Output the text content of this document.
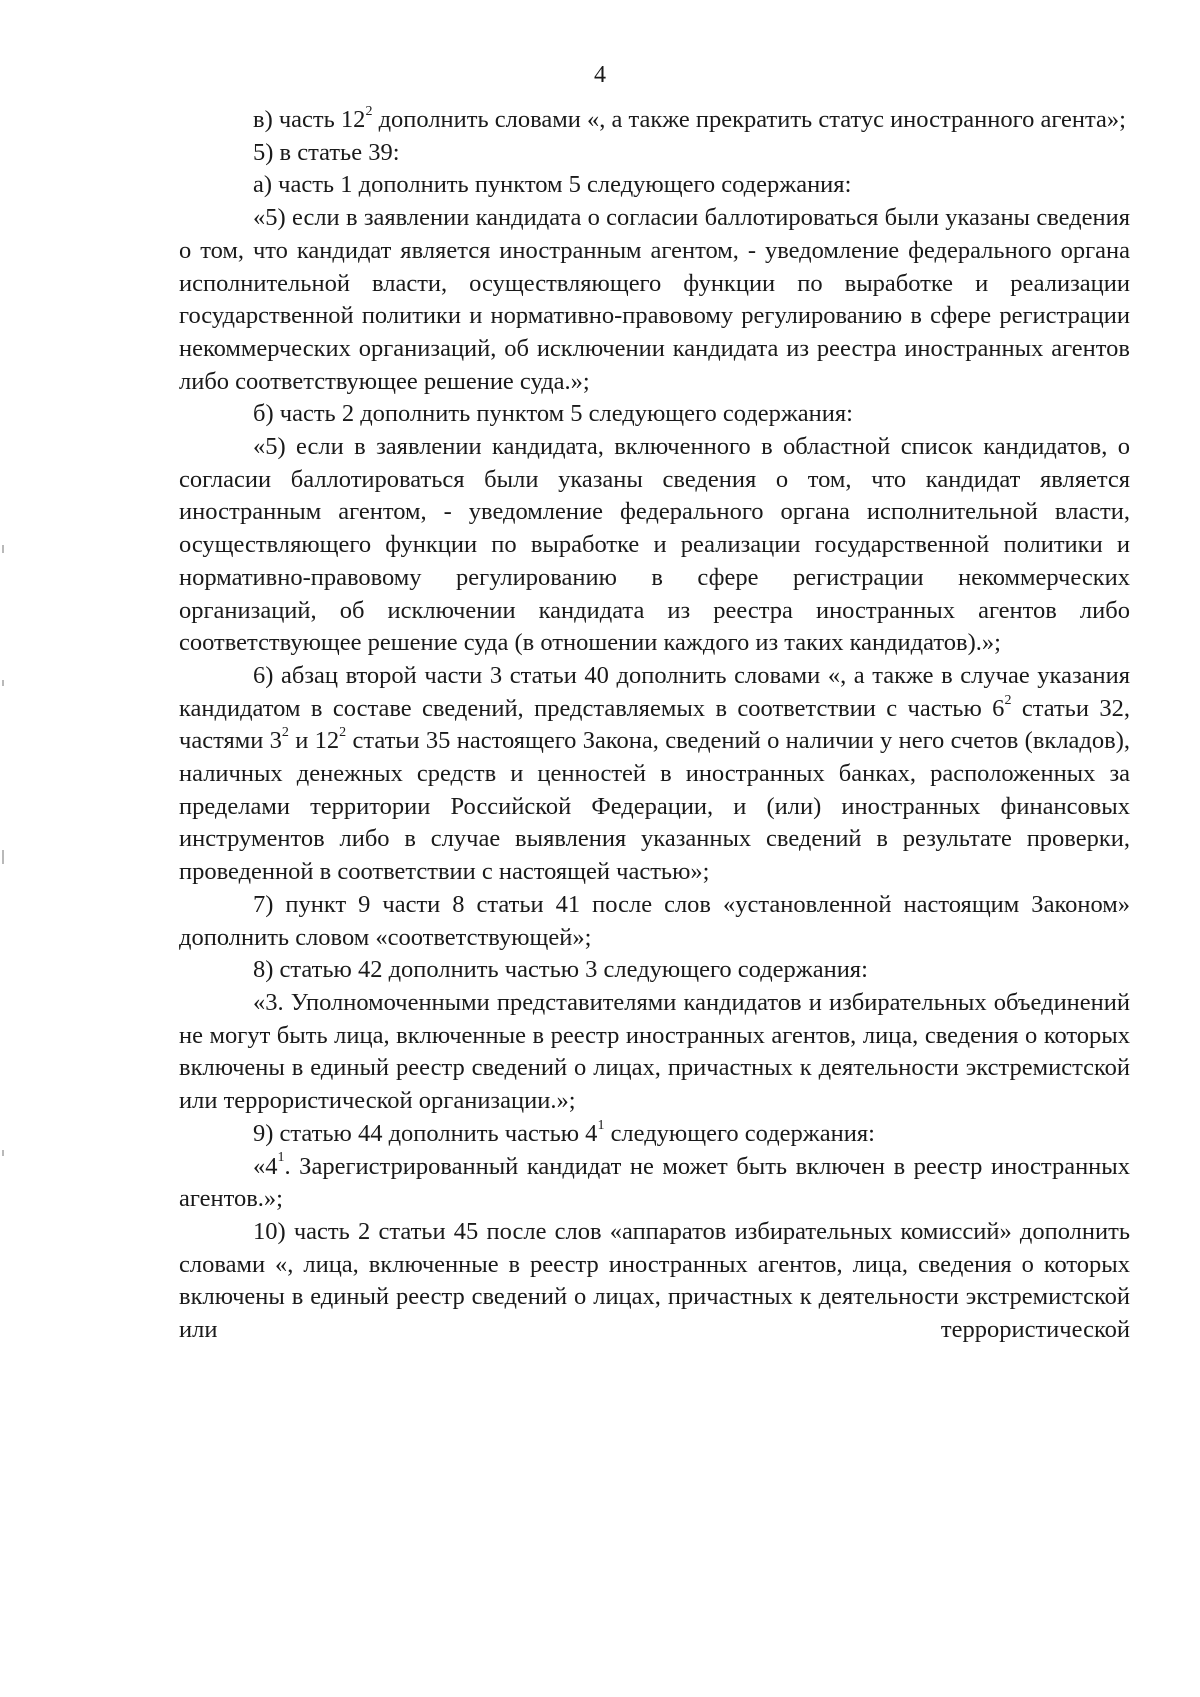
4

в) часть $12^2$ дополнить словами «, а также прекратить статус иностранного агента»;

5) в статье 39:

а) часть 1 дополнить пунктом 5 следующего содержания:

«5) если в заявлении кандидата о согласии баллотироваться были указаны сведения о том, что кандидат является иностранным агентом, - уведомление федерального органа исполнительной власти, осуществляющего функции по выработке и реализации государственной политики и нормативно-правовому регулированию в сфере регистрации некоммерческих организаций, об исключении кандидата из реестра иностранных агентов либо соответствующее решение суда.»;

б) часть 2 дополнить пунктом 5 следующего содержания:

«5) если в заявлении кандидата, включенного в областной список кандидатов, о согласии баллотироваться были указаны сведения о том, что кандидат является иностранным агентом, - уведомление федерального органа исполнительной власти, осуществляющего функции по выработке и реализации государственной политики и нормативно-правовому регулированию в сфере регистрации некоммерческих организаций, об исключении кандидата из реестра иностранных агентов либо соответствующее решение суда (в отношении каждого из таких кандидатов).»;

6) абзац второй части 3 статьи 40 дополнить словами «, а также в случае указания кандидатом в составе сведений, представляемых в соответствии с частью $6^2$ статьи 32, частями $3^2$ и $12^2$ статьи 35 настоящего Закона, сведений о наличии у него счетов (вкладов), наличных денежных средств и ценностей в иностранных банках, расположенных за пределами территории Российской Федерации, и (или) иностранных финансовых инструментов либо в случае выявления указанных сведений в результате проверки, проведенной в соответствии с настоящей частью»;

7) пункт 9 части 8 статьи 41 после слов «установленной настоящим Законом» дополнить словом «соответствующей»;

8) статью 42 дополнить частью 3 следующего содержания:

«3. Уполномоченными представителями кандидатов и избирательных объединений не могут быть лица, включенные в реестр иностранных агентов, лица, сведения о которых включены в единый реестр сведений о лицах, причастных к деятельности экстремистской или террористической организации.»;

9) статью 44 дополнить частью $4^1$ следующего содержания:

«$4^1$. Зарегистрированный кандидат не может быть включен в реестр иностранных агентов.»;

10) часть 2 статьи 45 после слов «аппаратов избирательных комиссий» дополнить словами «, лица, включенные в реестр иностранных агентов, лица, сведения о которых включены в единый реестр сведений о лицах, причастных к деятельности экстремистской или террористической
